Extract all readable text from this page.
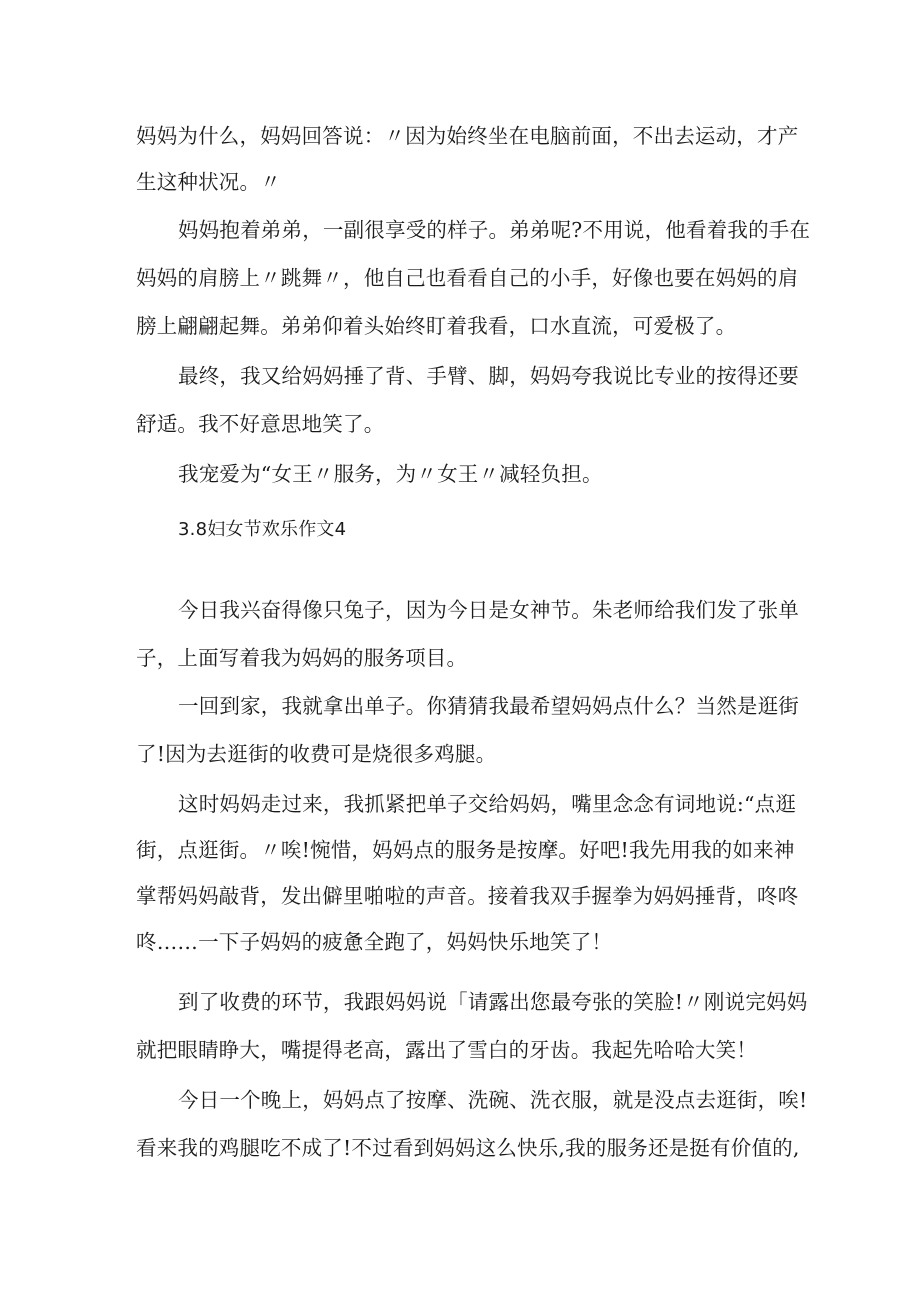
妈妈为什么，妈妈回答说：〃因为始终坐在电脑前面，不出去运动，才产

生这种状况。〃

妈妈抱着弟弟，一副很享受的样子。弟弟呢?不用说，他看着我的手在

妈妈的肩膀上〃跳舞〃，他自己也看看自己的小手，好像也要在妈妈的肩

膀上翩翩起舞。弟弟仰着头始终盯着我看，口水直流，可爱极了。

最终，我又给妈妈捶了背、手臂、脚，妈妈夸我说比专业的按得还要

舒适。我不好意思地笑了。

我宠爱为“女王〃服务，为〃女王〃减轻负担。

3.8妇女节欢乐作文4

今日我兴奋得像只兔子，因为今日是女神节。朱老师给我们发了张单

子，上面写着我为妈妈的服务项目。

一回到家，我就拿出单子。你猜猜我最希望妈妈点什么？当然是逛街

了!因为去逛街的收费可是烧很多鸡腿。

这时妈妈走过来，我抓紧把单子交给妈妈，嘴里念念有词地说:“点逛

街，点逛街。〃唉!惋惜，妈妈点的服务是按摩。好吧!我先用我的如来神

掌帮妈妈敲背，发出僻里啪啦的声音。接着我双手握拳为妈妈捶背，咚咚

咚……一下子妈妈的疲惫全跑了，妈妈快乐地笑了！

到了收费的环节，我跟妈妈说「请露出您最夸张的笑脸!〃刚说完妈妈

就把眼睛睁大，嘴提得老高，露出了雪白的牙齿。我起先哈哈大笑！

今日一个晚上，妈妈点了按摩、洗碗、洗衣服，就是没点去逛街，唉!

看来我的鸡腿吃不成了!不过看到妈妈这么快乐,我的服务还是挺有价值的,
